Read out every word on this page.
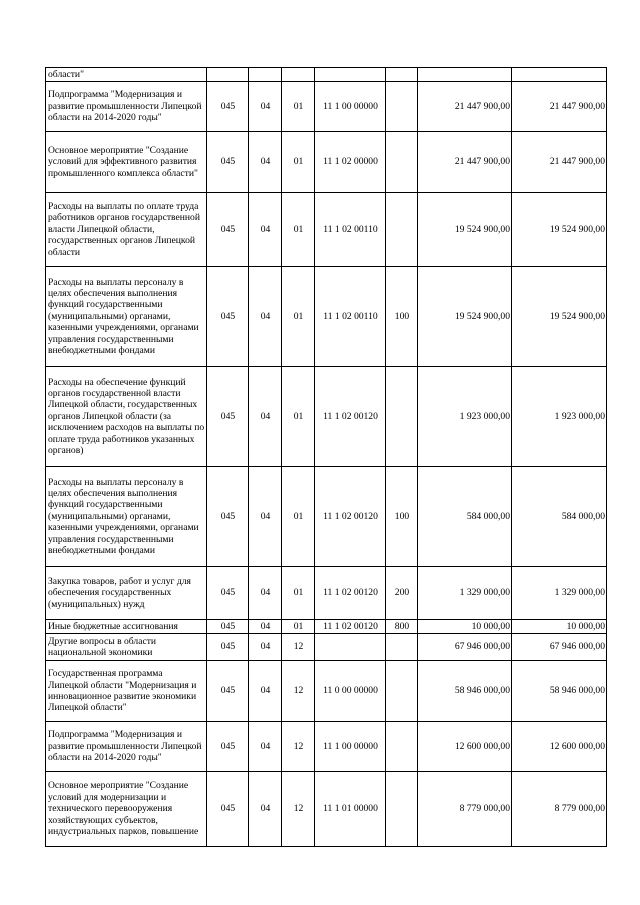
области"							
Подпрограмма "Модернизация и развитие промышленности Липецкой области на 2014-2020 годы"	045	04	01	11 1 00 00000		21 447 900,00	21 447 900,00
Основное мероприятие "Создание условий для эффективного развития промышленного комплекса области"	045	04	01	11 1 02 00000		21 447 900,00	21 447 900,00
Расходы на выплаты по оплате труда работников органов государственной власти Липецкой области, государственных органов Липецкой области	045	04	01	11 1 02 00110		19 524 900,00	19 524 900,00
Расходы на выплаты персоналу в целях обеспечения выполнения функций государственными (муниципальными) органами, казенными учреждениями, органами управления государственными внебюджетными фондами	045	04	01	11 1 02 00110	100	19 524 900,00	19 524 900,00
Расходы на обеспечение функций органов государственной власти Липецкой области, государственных органов Липецкой области (за исключением расходов на выплаты по оплате труда работников указанных органов)	045	04	01	11 1 02 00120		1 923 000,00	1 923 000,00
Расходы на выплаты персоналу в целях обеспечения выполнения функций государственными (муниципальными) органами, казенными учреждениями, органами управления государственными внебюджетными фондами	045	04	01	11 1 02 00120	100	584 000,00	584 000,00
Закупка товаров, работ и услуг для обеспечения государственных (муниципальных) нужд	045	04	01	11 1 02 00120	200	1 329 000,00	1 329 000,00
Иные бюджетные ассигнования	045	04	01	11 1 02 00120	800	10 000,00	10 000,00
Другие вопросы в области национальной экономики	045	04	12			67 946 000,00	67 946 000,00
Государственная программа Липецкой области "Модернизация и инновационное развитие экономики Липецкой области"	045	04	12	11 0 00 00000		58 946 000,00	58 946 000,00
Подпрограмма "Модернизация и развитие промышленности Липецкой области на 2014-2020 годы"	045	04	12	11 1 00 00000		12 600 000,00	12 600 000,00
Основное мероприятие "Создание условий для модернизации и технического перевооружения хозяйствующих субъектов, индустриальных парков, повышение	045	04	12	11 1 01 00000		8 779 000,00	8 779 000,00
